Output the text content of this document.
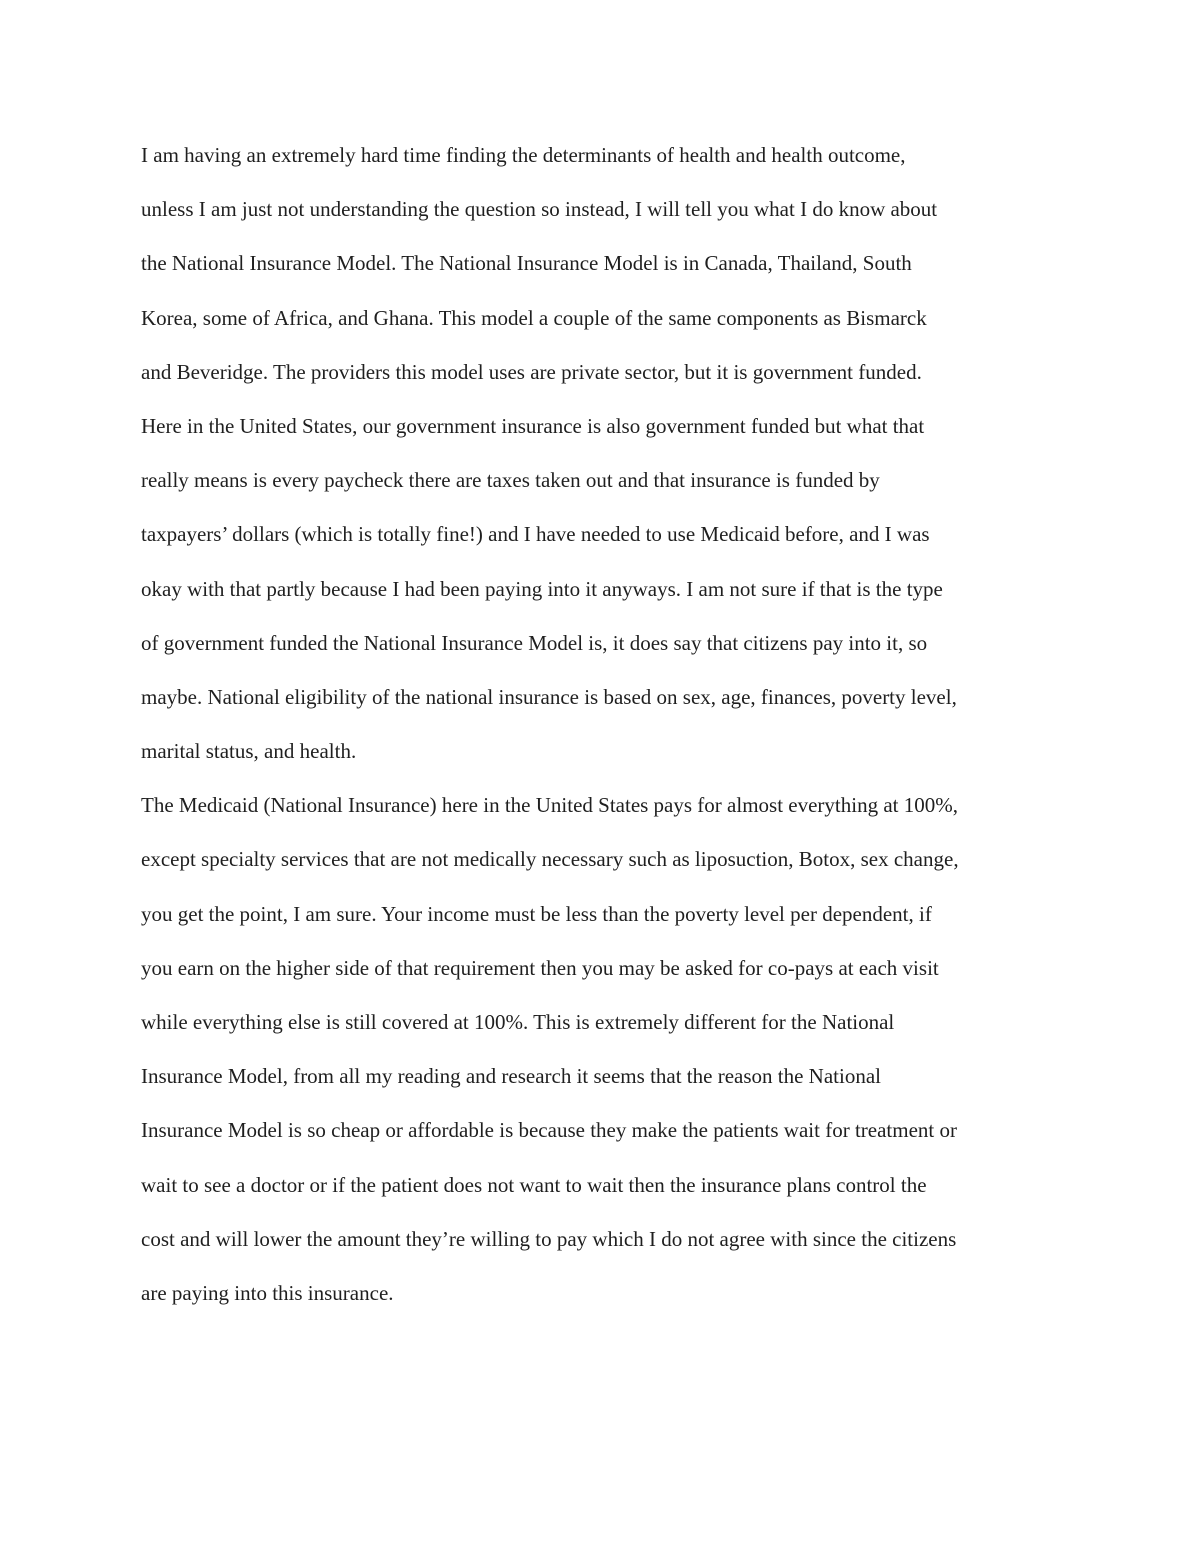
I am having an extremely hard time finding the determinants of health and health outcome,
unless I am just not understanding the question so instead, I will tell you what I do know about
the National Insurance Model. The National Insurance Model is in Canada, Thailand, South
Korea, some of Africa, and Ghana. This model a couple of the same components as Bismarck
and Beveridge. The providers this model uses are private sector, but it is government funded.
Here in the United States, our government insurance is also government funded but what that
really means is every paycheck there are taxes taken out and that insurance is funded by
taxpayers’ dollars (which is totally fine!) and I have needed to use Medicaid before, and I was
okay with that partly because I had been paying into it anyways. I am not sure if that is the type
of government funded the National Insurance Model is, it does say that citizens pay into it, so
maybe. National eligibility of the national insurance is based on sex, age, finances, poverty level,
marital status, and health.
The Medicaid (National Insurance) here in the United States pays for almost everything at 100%,
except specialty services that are not medically necessary such as liposuction, Botox, sex change,
you get the point, I am sure. Your income must be less than the poverty level per dependent, if
you earn on the higher side of that requirement then you may be asked for co-pays at each visit
while everything else is still covered at 100%. This is extremely different for the National
Insurance Model, from all my reading and research it seems that the reason the National
Insurance Model is so cheap or affordable is because they make the patients wait for treatment or
wait to see a doctor or if the patient does not want to wait then the insurance plans control the
cost and will lower the amount they’re willing to pay which I do not agree with since the citizens
are paying into this insurance.
